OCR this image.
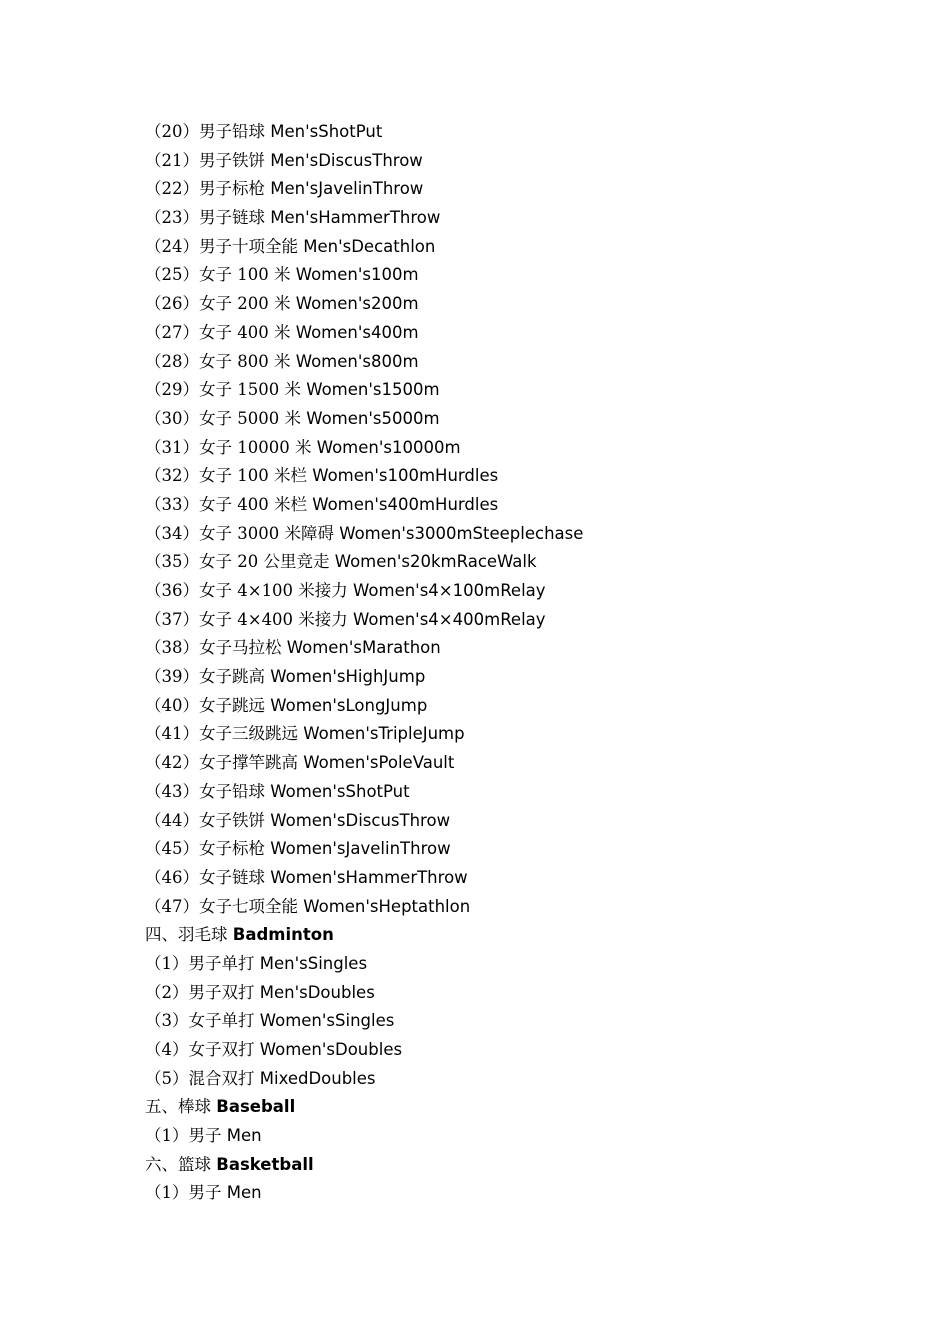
（20）男子铅球 Men'sShotPut
（21）男子铁饼 Men'sDiscusThrow
（22）男子标枪 Men'sJavelinThrow
（23）男子链球 Men'sHammerThrow
（24）男子十项全能 Men'sDecathlon
（25）女子 100 米 Women's100m
（26）女子 200 米 Women's200m
（27）女子 400 米 Women's400m
（28）女子 800 米 Women's800m
（29）女子 1500 米 Women's1500m
（30）女子 5000 米 Women's5000m
（31）女子 10000 米 Women's10000m
（32）女子 100 米栏 Women's100mHurdles
（33）女子 400 米栏 Women's400mHurdles
（34）女子 3000 米障碍 Women's3000mSteeplechase
（35）女子 20 公里竞走 Women's20kmRaceWalk
（36）女子 4×100 米接力 Women's4×100mRelay
（37）女子 4×400 米接力 Women's4×400mRelay
（38）女子马拉松 Women'sMarathon
（39）女子跳高 Women'sHighJump
（40）女子跳远 Women'sLongJump
（41）女子三级跳远 Women'sTripleJump
（42）女子撑竿跳高 Women'sPoleVault
（43）女子铅球 Women'sShotPut
（44）女子铁饼 Women'sDiscusThrow
（45）女子标枪 Women'sJavelinThrow
（46）女子链球 Women'sHammerThrow
（47）女子七项全能 Women'sHeptathlon
四、羽毛球 Badminton
（1）男子单打 Men'sSingles
（2）男子双打 Men'sDoubles
（3）女子单打 Women'sSingles
（4）女子双打 Women'sDoubles
（5）混合双打 MixedDoubles
五、棒球 Baseball
（1）男子 Men
六、篮球 Basketball
（1）男子 Men
